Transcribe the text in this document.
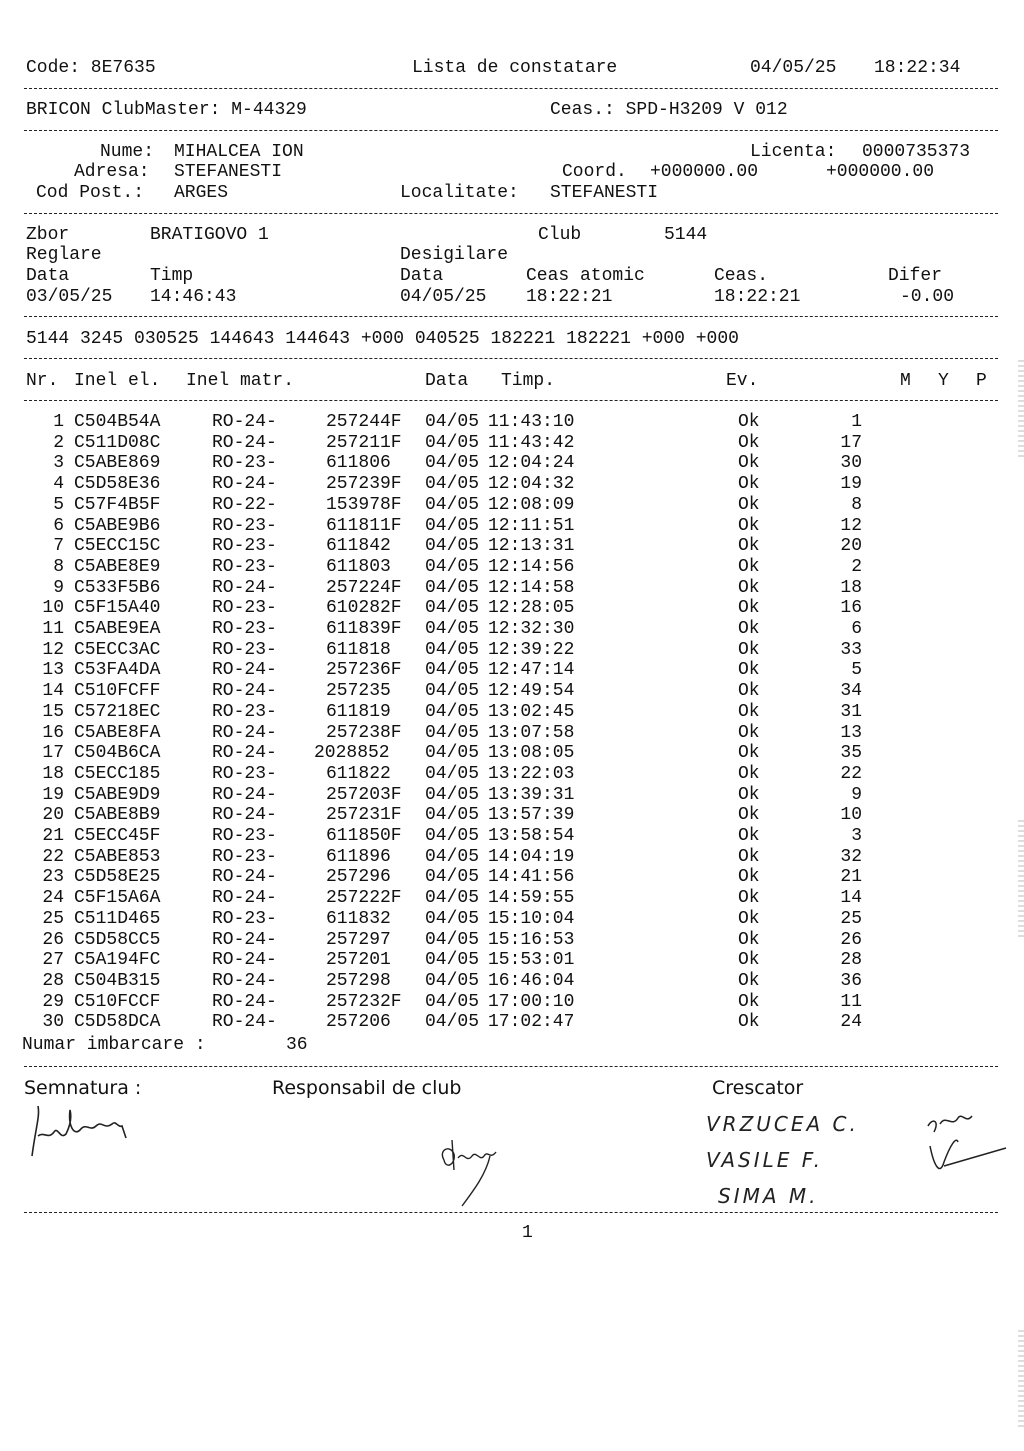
Code: 8E7635	Lista de constatare	04/05/25 18:22:34
BRICON ClubMaster: M-44329	Ceas.: SPD-H3209 V 012
Nume: MIHALCEA ION	Licenta: 0000735373
Adresa: STEFANESTI	Coord. +000000.00	+000000.00
Cod Post.: ARGES	Localitate: STEFANESTI
Zbor	BRATIGOVO 1	Club	5144
Reglare	Desigilare
Data	Timp	Data	Ceas atomic	Ceas.	Difer
03/05/25 14:46:43	04/05/25 18:22:21	18:22:21	-0.00
5144 3245 030525 144643 144643 +000 040525 182221 182221 +000 +000
Nr. Inel el. Inel matr.	Data Timp.	Ev.	M Y P
1 C504B54A	RO-24-	257244F 04/05 11:43:10	Ok	1
2 C511D08C	RO-24-	257211F 04/05 11:43:42	Ok	17
3 C5ABE869	RO-23-	611806 04/05 12:04:24	Ok	30
4 C5D58E36	RO-24-	257239F 04/05 12:04:32	Ok	19
5 C57F4B5F	RO-22-	153978F 04/05 12:08:09	Ok	8
6 C5ABE9B6	RO-23-	611811F 04/05 12:11:51	Ok	12
7 C5ECC15C	RO-23-	611842 04/05 12:13:31	Ok	20
8 C5ABE8E9	RO-23-	611803 04/05 12:14:56	Ok	2
9 C533F5B6	RO-24-	257224F 04/05 12:14:58	Ok	18
10 C5F15A40	RO-23-	610282F 04/05 12:28:05	Ok	16
11 C5ABE9EA	RO-23-	611839F 04/05 12:32:30	Ok	6
12 C5ECC3AC	RO-23-	611818 04/05 12:39:22	Ok	33
13 C53FA4DA	RO-24-	257236F 04/05 12:47:14	Ok	5
14 C510FCFF	RO-24-	257235 04/05 12:49:54	Ok	34
15 C57218EC	RO-23-	611819 04/05 13:02:45	Ok	31
16 C5ABE8FA	RO-24-	257238F 04/05 13:07:58	Ok	13
17 C504B6CA	RO-24- 2028852 04/05 13:08:05	Ok	35
18 C5ECC185	RO-23-	611822 04/05 13:22:03	Ok	22
19 C5ABE9D9	RO-24-	257203F 04/05 13:39:31	Ok	9
20 C5ABE8B9	RO-24-	257231F 04/05 13:57:39	Ok	10
21 C5ECC45F	RO-23-	611850F 04/05 13:58:54	Ok	3
22 C5ABE853	RO-23-	611896 04/05 14:04:19	Ok	32
23 C5D58E25	RO-24-	257296 04/05 14:41:56	Ok	21
24 C5F15A6A	RO-24-	257222F 04/05 14:59:55	Ok	14
25 C511D465	RO-23-	611832 04/05 15:10:04	Ok	25
26 C5D58CC5	RO-24-	257297 04/05 15:16:53	Ok	26
27 C5A194FC	RO-24-	257201 04/05 15:53:01	Ok	28
28 C504B315	RO-24-	257298 04/05 16:46:04	Ok	36
29 C510FCCF	RO-24-	257232F 04/05 17:00:10	Ok	11
30 C5D58DCA	RO-24-	257206 04/05 17:02:47	Ok	24
Numar imbarcare :	36
Semnatura :	Responsabil de club	Crescator
VRZUCEA C.
VASILE F.
SIMA M.
1
